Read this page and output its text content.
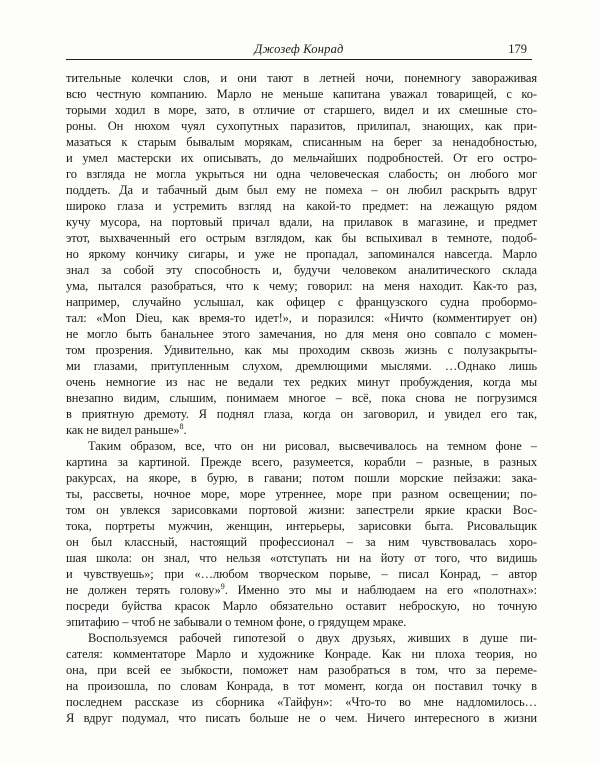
Джозеф Конрад	179
тительные колечки слов, и они тают в летней ночи, понемногу завораживая
всю честную компанию. Марло не меньше капитана уважал товарищей, с ко-
торыми ходил в море, зато, в отличие от старшего, видел и их смешные сто-
роны. Он нюхом чуял сухопутных паразитов, прилипал, знающих, как при-
мазаться к старым бывалым морякам, списанным на берег за ненадобностью,
и умел мастерски их описывать, до мельчайших подробностей. От его остро-
го взгляда не могла укрыться ни одна человеческая слабость; он любого мог
поддеть. Да и табачный дым был ему не помеха – он любил раскрыть вдруг
широко глаза и устремить взгляд на какой-то предмет: на лежащую рядом
кучу мусора, на портовый причал вдали, на прилавок в магазине, и предмет
этот, выхваченный его острым взглядом, как бы вспыхивал в темноте, подоб-
но яркому кончику сигары, и уже не пропадал, запоминался навсегда. Марло
знал за собой эту способность и, будучи человеком аналитического склада
ума, пытался разобраться, что к чему; говорил: на меня находит. Как-то раз,
например, случайно услышал, как офицер с французского судна пробормо-
тал: «Mon Dieu, как время-то идет!», и поразился: «Ничто (комментирует он)
не могло быть банальнее этого замечания, но для меня оно совпало с момен-
том прозрения. Удивительно, как мы проходим сквозь жизнь с полузакрыты-
ми глазами, притупленным слухом, дремлющими мыслями. …Однако лишь
очень немногие из нас не ведали тех редких минут пробуждения, когда мы
внезапно видим, слышим, понимаем многое – всё, пока снова не погрузимся
в приятную дремоту. Я поднял глаза, когда он заговорил, и увидел его так,
как не видел раньше»$^8$.
Таким образом, все, что он ни рисовал, высвечивалось на темном фоне –
картина за картиной. Прежде всего, разумеется, корабли – разные, в разных
ракурсах, на якоре, в бурю, в гавани; потом пошли морские пейзажи: зака-
ты, рассветы, ночное море, море утреннее, море при разном освещении; по-
том он увлекся зарисовками портовой жизни: запестрели яркие краски Вос-
тока, портреты мужчин, женщин, интерьеры, зарисовки быта. Рисовальщик
он был классный, настоящий профессионал – за ним чувствовалась хоро-
шая школа: он знал, что нельзя «отступать ни на йоту от того, что видишь
и чувствуешь»; при «…любом творческом порыве, – писал Конрад, – автор
не должен терять голову»$^9$. Именно это мы и наблюдаем на его «полотнах»:
посреди буйства красок Марло обязательно оставит неброскую, но точную
эпитафию – чтоб не забывали о темном фоне, о грядущем мраке.
Воспользуемся рабочей гипотезой о двух друзьях, живших в душе пи-
сателя: комментаторе Марло и художнике Конраде. Как ни плоха теория, но
она, при всей ее зыбкости, поможет нам разобраться в том, что за переме-
на произошла, по словам Конрада, в тот момент, когда он поставил точку в
последнем рассказе из сборника «Тайфун»: «Что-то во мне надломилось…
Я вдруг подумал, что писать больше не о чем. Ничего интересного в жизни
